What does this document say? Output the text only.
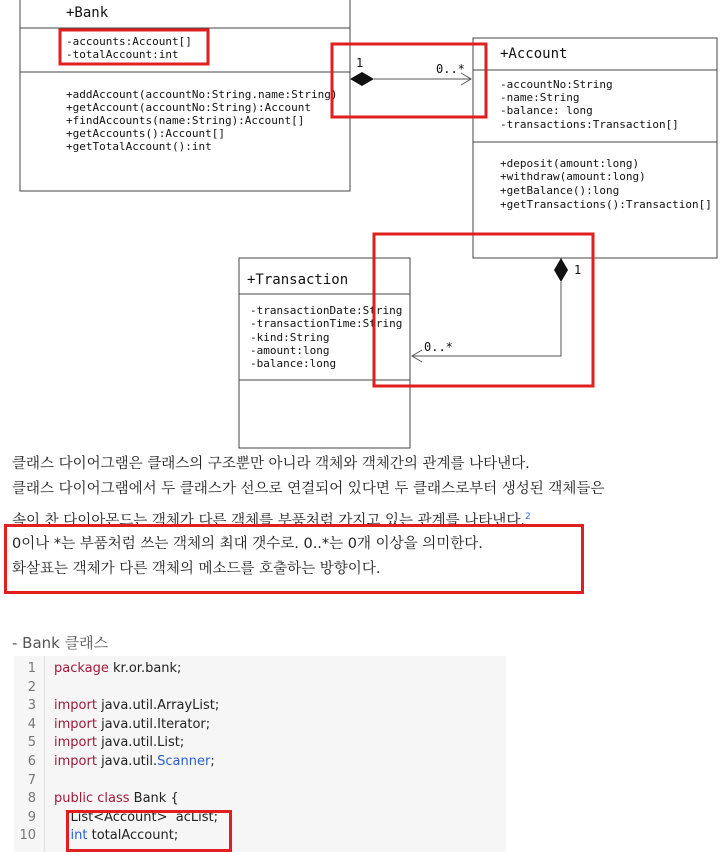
+Bank
-accounts:Account[]
-totalAccount:int
+addAccount(accountNo:String.name:String)
+getAccount(accountNo:String):Account
+findAccounts(name:String):Account[]
+getAccounts():Account[]
+getTotalAccount():int
+Account
-accountNo:String
-name:String
-balance: long
-transactions:Transaction[]
+deposit(amount:long)
+withdraw(amount:long)
+getBalance():long
+getTransactions():Transaction[]
+Transaction
-transactionDate:String
-transactionTime:String
-kind:String
-amount:long
-balance:long
1	0..*
1
0..*
클래스 다이어그램은 클래스의 구조뿐만 아니라 객체와 객체간의 관계를 나타낸다.
클래스 다이어그램에서 두 클래스가 선으로 연결되어 있다면 두 클래스로부터 생성된 객체들은
속이 찬 다이아몬드는 객체가 다른 객체를 부품처럼 가지고 있는 관계를 나타낸다.$^2$
0이나 *는 부품처럼 쓰는 객체의 최대 갯수로. 0..*는 0개 이상을 의미한다.
화살표는 객체가 다른 객체의 메소드를 호출하는 방향이다.
- Bank 클래스
1 package kr.or.bank;
2
3 import java.util.ArrayList;
4 import java.util.Iterator;
5 import java.util.List;
6 import java.util.Scanner;
7
8 public class Bank {
9 List<Account>  acList;
10	int totalAccount;
